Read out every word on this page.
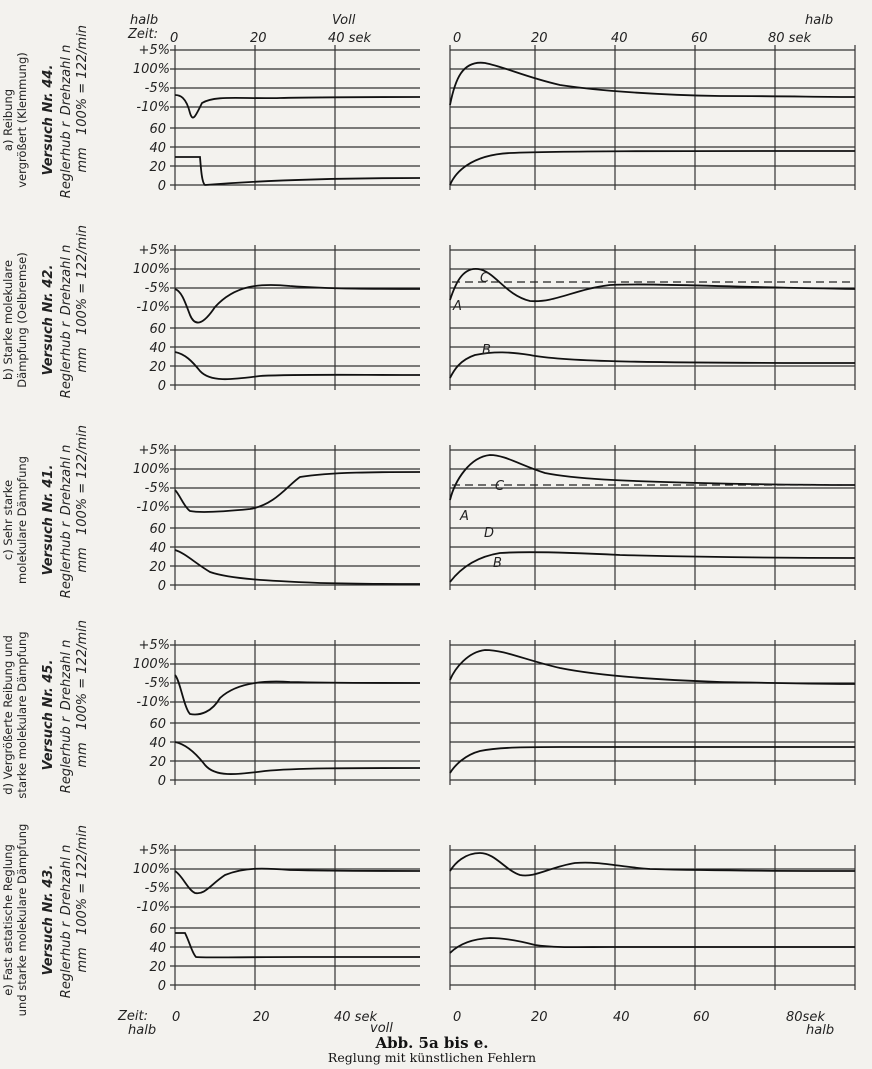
halb
Zeit:
Voll	halb
0	20	40 sek	0	20	40	60	80 sek
+5%
100%
-5%
-10%
60
40
20
0
a) Reibung vergrößert (Klemmung) Versuch Nr. 44. Reglerhub r mm
Drehzahl n 100% = 122/min
+5%
100%
-5%
-10%
60
40
20
0
b) Starke molekulare Dämpfung (Oelbremse) Versuch Nr. 42. Reglerhub r mm
Drehzahl n 100% = 122/min	C
A
B
+5%
100%
-5%
-10%
60
40
20
0
c) Sehr starke molekulare Dämpfung Versuch Nr. 41. Reglerhub r mm
Drehzahl n 100% = 122/min	C
A
D
B
+5%
100%
-5%
-10%
60
40
20
0
d) Vergrößerte Reibung und starke molekulare Dämpfung Versuch Nr. 45. Reglerhub r mm
Drehzahl n 100% = 122/min
+5%
100%
-5%
-10%
60
40
20
0
e) Fast astatische Reglung und starke molekulare Dämpfung Versuch Nr. 43. Reglerhub r mm
Drehzahl n 100% = 122/min
Zeit:
halb
0	20	40 sek
voll
0	20	40	60	80sek
halb
Abb. 5a bis e.
Reglung mit künstlichen Fehlern
